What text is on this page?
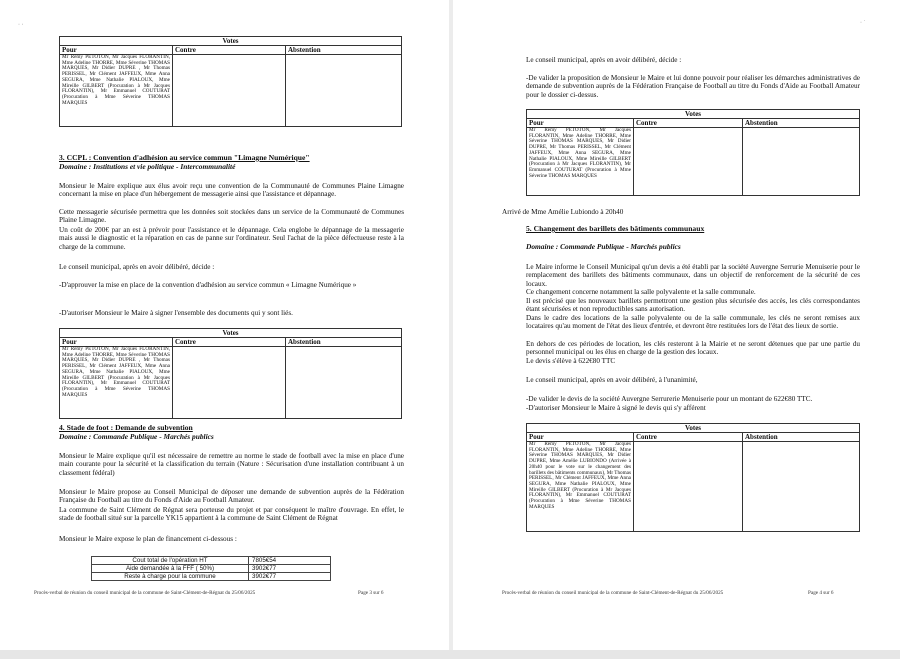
· ·
Votes		
Pour	Contre	Abstention
Mr Rémy PETOTON, Mr Jacques FLORANTIN, Mme Adeline THORRE, Mme Séverine THOMAS MARQUES, Mr Didier DUPRE , Mr Thomas PERISSEL, Mr Clément JAFFEUX, Mme Anna SEGURA, Mme Nathalie PIALOUX, Mme Mireille GILBERT (Procuration à Mr Jacques FLORANTIN), Mr Emmanuel COUTURAT (Procuration à Mme Séverine THOMAS MARQUES		
3. CCPL : Convention d'adhésion au service commun "Limagne Numérique"
Domaine : Institutions et vie politique - Intercommunalité
Monsieur le Maire explique aux élus avoir reçu une convention de la Communauté de Communes Plaine Limagne concernant la mise en place d'un hébergement de messagerie ainsi que l'assistance et dépannage.
Cette messagerie sécurisée permettra que les données soit stockées dans un service de la Communauté de Communes Plaine Limagne.
Un coût de 200€ par an est à prévoir pour l'assistance et le dépannage. Cela englobe le dépannage de la messagerie mais aussi le diagnostic et la réparation en cas de panne sur l'ordinateur. Seul l'achat de la pièce défectueuse reste à la charge de la commune.
Le conseil municipal, après en avoir délibéré, décide :
-D'approuver la mise en place de la convention d'adhésion au service commun « Limagne Numérique »
-D'autoriser Monsieur le Maire à signer l'ensemble des documents qui y sont liés.
Votes		
Pour	Contre	Abstention
Mr Rémy PETOTON, Mr Jacques FLORANTIN, Mme Adeline THORRE, Mme Séverine THOMAS MARQUES, Mr Didier DUPRE , Mr Thomas PERISSEL, Mr Clément JAFFEUX, Mme Anna SEGURA, Mme Nathalie PIALOUX, Mme Mireille GILBERT (Procuration à Mr Jacques FLORANTIN), Mr Emmanuel COUTURAT (Procuration à Mme Séverine THOMAS MARQUES		
4. Stade de foot : Demande de subvention
Domaine : Commande Publique - Marchés publics
Monsieur le Maire explique qu'il est nécessaire de remettre au norme le stade de football avec la mise en place d'une main courante pour la sécurité et la classification du terrain (Nature : Sécurisation d'une installation contribuant à un classement fédéral)
Monsieur le Maire propose au Conseil Municipal de déposer une demande de subvention auprès de la Fédération Française du Football au titre du Fonds d'Aide au Football Amateur.
La commune de Saint Clément de Régnat sera porteuse du projet et par conséquent le maître d'ouvrage. En effet, le stade de football situé sur la parcelle YK15 appartient à la commune de Saint Clément de Régnat
Monsieur le Maire expose le plan de financement ci-dessous :
Cout total de l'opération HT	7805€54
Aide demandée à la FFF ( 50%)	3902€77
Reste à charge pour la commune	3902€77
Procès-verbal de réunion du conseil municipal de la commune de Saint-Clément-de-Régnat du 25/06/2025	Page 3 sur 6
· ˙
Le conseil municipal, après en avoir délibéré, décide :
-De valider la proposition de Monsieur le Maire et lui donne pouvoir pour réaliser les démarches administratives de demande de subvention auprès de la Fédération Française de Football au titre du Fonds d'Aide au Football Amateur pour le dossier ci-dessus.
Votes		
Pour	Contre	Abstention
Mr Rémy PETOTON, Mr Jacques FLORANTIN, Mme Adeline THORRE, Mme Séverine THOMAS MARQUES, Mr Didier DUPRE, Mr Thomas PERISSEL, Mr Clément JAFFEUX, Mme Anna SEGURA, Mme Nathalie PIALOUX, Mme Mireille GILBERT (Procuration à Mr Jacques FLORANTIN), Mr Emmanuel COUTURAT (Procuration à Mme Séverine THOMAS MARQUES		
Arrivé de Mme Amélie Lubiondo à 20h40
5. Changement des barillets des bâtiments communaux
Domaine : Commande Publique - Marchés publics
Le Maire informe le Conseil Municipal qu'un devis a été établi par la société Auvergne Serrurie Menuiserie pour le remplacement des barillets des bâtiments communaux, dans un objectif de renforcement de la sécurité de ces locaux.
Ce changement concerne notamment la salle polyvalente et la salle communale.
Il est précisé que les nouveaux barillets permettront une gestion plus sécurisée des accès, les clés correspondantes étant sécurisées et non reproductibles sans autorisation.
Dans le cadre des locations de la salle polyvalente ou de la salle communale, les clés ne seront remises aux locataires qu'au moment de l'état des lieux d'entrée, et devront être restituées lors de l'état des lieux de sortie.
En dehors de ces périodes de location, les clés resteront à la Mairie et ne seront détenues que par une partie du personnel municipal ou les élus en charge de la gestion des locaux.
Le devis s'élève à 622€80 TTC
Le conseil municipal, après en avoir délibéré, à l'unanimité,
-De valider le devis de la société Auvergne Serrurerie Menuiserie pour un montant de 622€80 TTC.
-D'autoriser Monsieur le Maire à signé le devis qui s'y afférent
Votes		
Pour	Contre	Abstention
Mr Rémy PETOTON, Mr Jacques FLORANTIN, Mme Adeline THORRE, Mme Séverine THOMAS MARQUES, Mr Didier DUPRE, Mme Amélie LUBIONDO (Arrivée à 20h40 pour le vote sur le changement des barillets des bâtiments communaux), Mr Thomas PERISSEL, Mr Clément JAFFEUX, Mme Anna SEGURA, Mme Nathalie PIALOUX, Mme Mireille GILBERT (Procuration à Mr Jacques FLORANTIN), Mr Emmanuel COUTURAT (Procuration à Mme Séverine THOMAS MARQUES		
Procès-verbal de réunion du conseil municipal de la commune de Saint-Clément-de-Régnat du 25/06/2025	Page 4 sur 6
